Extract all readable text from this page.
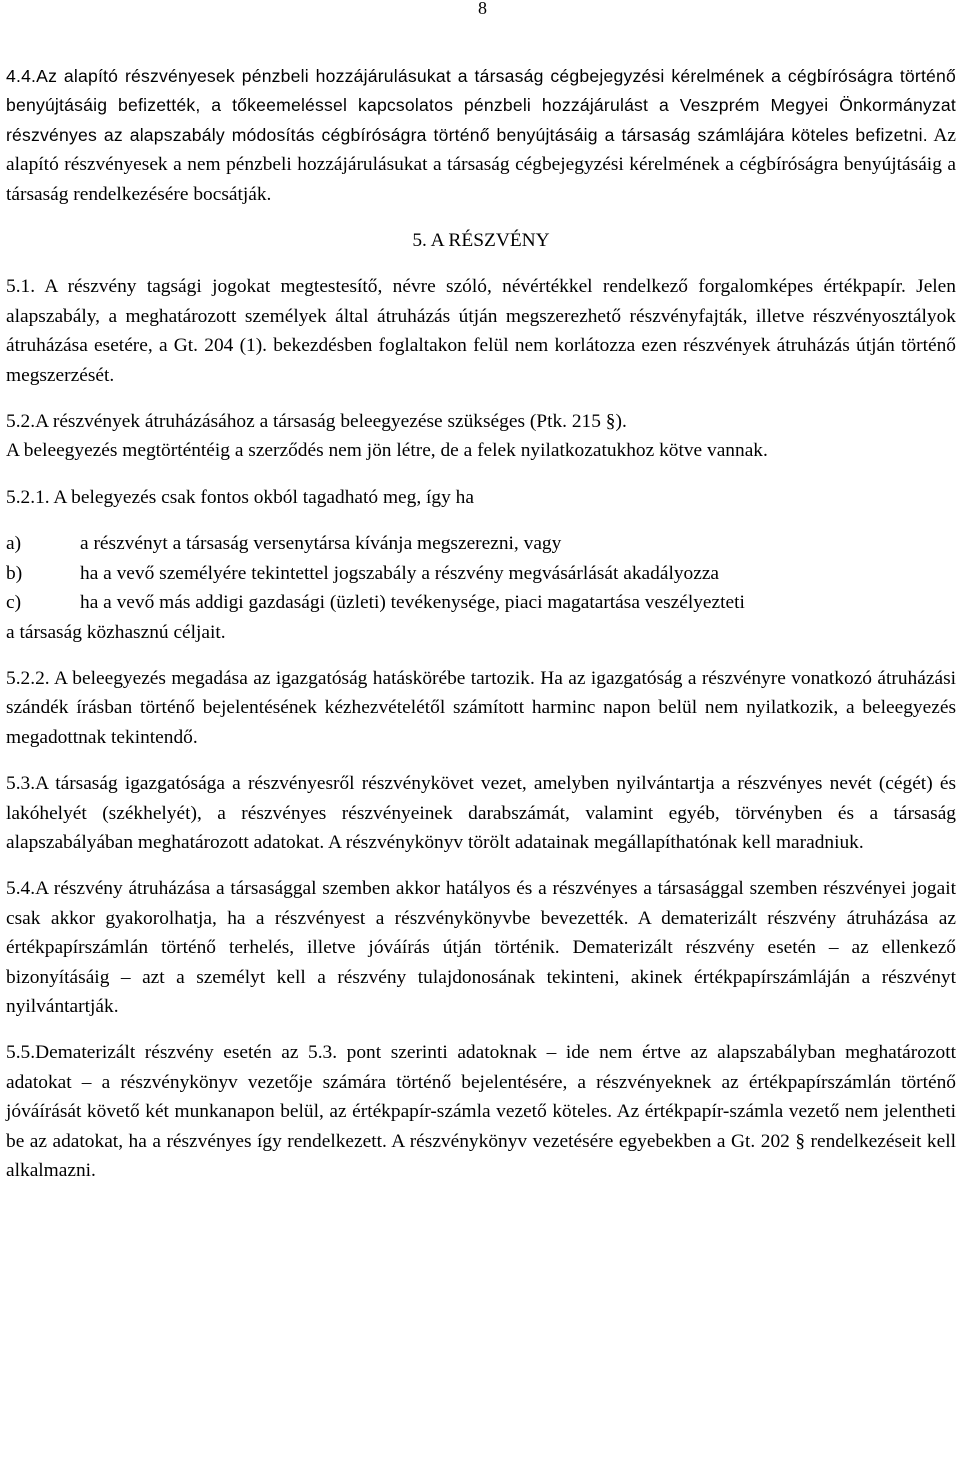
8

4.4.Az alapító részvényesek pénzbeli hozzájárulásukat a társaság cégbejegyzési kérelmének a cégbíróságra történő benyújtásáig befizették, a tőkeemeléssel kapcsolatos pénzbeli hozzájárulást a Veszprém Megyei Önkormányzat részvényes az alapszabály módosítás cégbíróságra történő benyújtásáig a társaság számlájára köteles befizetni. Az alapító részvényesek a nem pénzbeli hozzájárulásukat a társaság cégbejegyzési kérelmének a cégbíróságra benyújtásáig a társaság rendelkezésére bocsátják.

5. A RÉSZVÉNY

5.1. A részvény tagsági jogokat megtestesítő, névre szóló, névértékkel rendelkező forgalomképes értékpapír. Jelen alapszabály, a meghatározott személyek által átruházás útján megszerezhető részvényfajták, illetve részvényosztályok átruházása esetére, a Gt. 204 (1). bekezdésben foglaltakon felül nem korlátozza ezen részvények átruházás útján történő megszerzését.

5.2.A részvények átruházásához a társaság beleegyezése szükséges (Ptk. 215 §).

A beleegyezés megtörténtéig a szerződés nem jön létre, de a felek nyilatkozatukhoz kötve vannak.

5.2.1. A belegyezés csak fontos okból tagadható meg, így ha

a)	a részvényt a társaság versenytársa kívánja megszerezni, vagy
b)	ha a vevő személyére tekintettel jogszabály a részvény megvásárlását akadályozza
c)	ha a vevő más addigi gazdasági (üzleti) tevékenysége, piaci magatartása veszélyezteti

a társaság közhasznú céljait.

5.2.2. A beleegyezés megadása az igazgatóság hatáskörébe tartozik. Ha az igazgatóság a részvényre vonatkozó átruházási szándék írásban történő bejelentésének kézhezvételétől számított harminc napon belül nem nyilatkozik, a beleegyezés megadottnak tekintendő.

5.3.A társaság igazgatósága a részvényesről részvénykövet vezet, amelyben nyilvántartja a részvényes nevét (cégét) és lakóhelyét (székhelyét), a részvényes részvényeinek darabszámát, valamint egyéb, törvényben és a társaság alapszabályában meghatározott adatokat. A részvénykönyv törölt adatainak megállapíthatónak kell maradniuk.

5.4.A részvény átruházása a társasággal szemben akkor hatályos és a részvényes a társasággal szemben részvényei jogait csak akkor gyakorolhatja, ha a részvényest a részvénykönyvbe bevezették. A dematerizált részvény átruházása az értékpapírszámlán történő terhelés, illetve jóváírás útján történik. Dematerizált részvény esetén – az ellenkező bizonyításáig – azt a személyt kell a részvény tulajdonosának tekinteni, akinek értékpapírszámláján a részvényt nyilvántartják.

5.5.Dematerizált részvény esetén az 5.3. pont szerinti adatoknak – ide nem értve az alapszabályban meghatározott adatokat – a részvénykönyv vezetője számára történő bejelentésére, a részvényeknek az értékpapírszámlán történő jóváírását követő két munkanapon belül, az értékpapír-számla vezető köteles. Az értékpapír-számla vezető nem jelentheti be az adatokat, ha a részvényes így rendelkezett. A részvénykönyv vezetésére egyebekben a Gt. 202 § rendelkezéseit kell alkalmazni.
